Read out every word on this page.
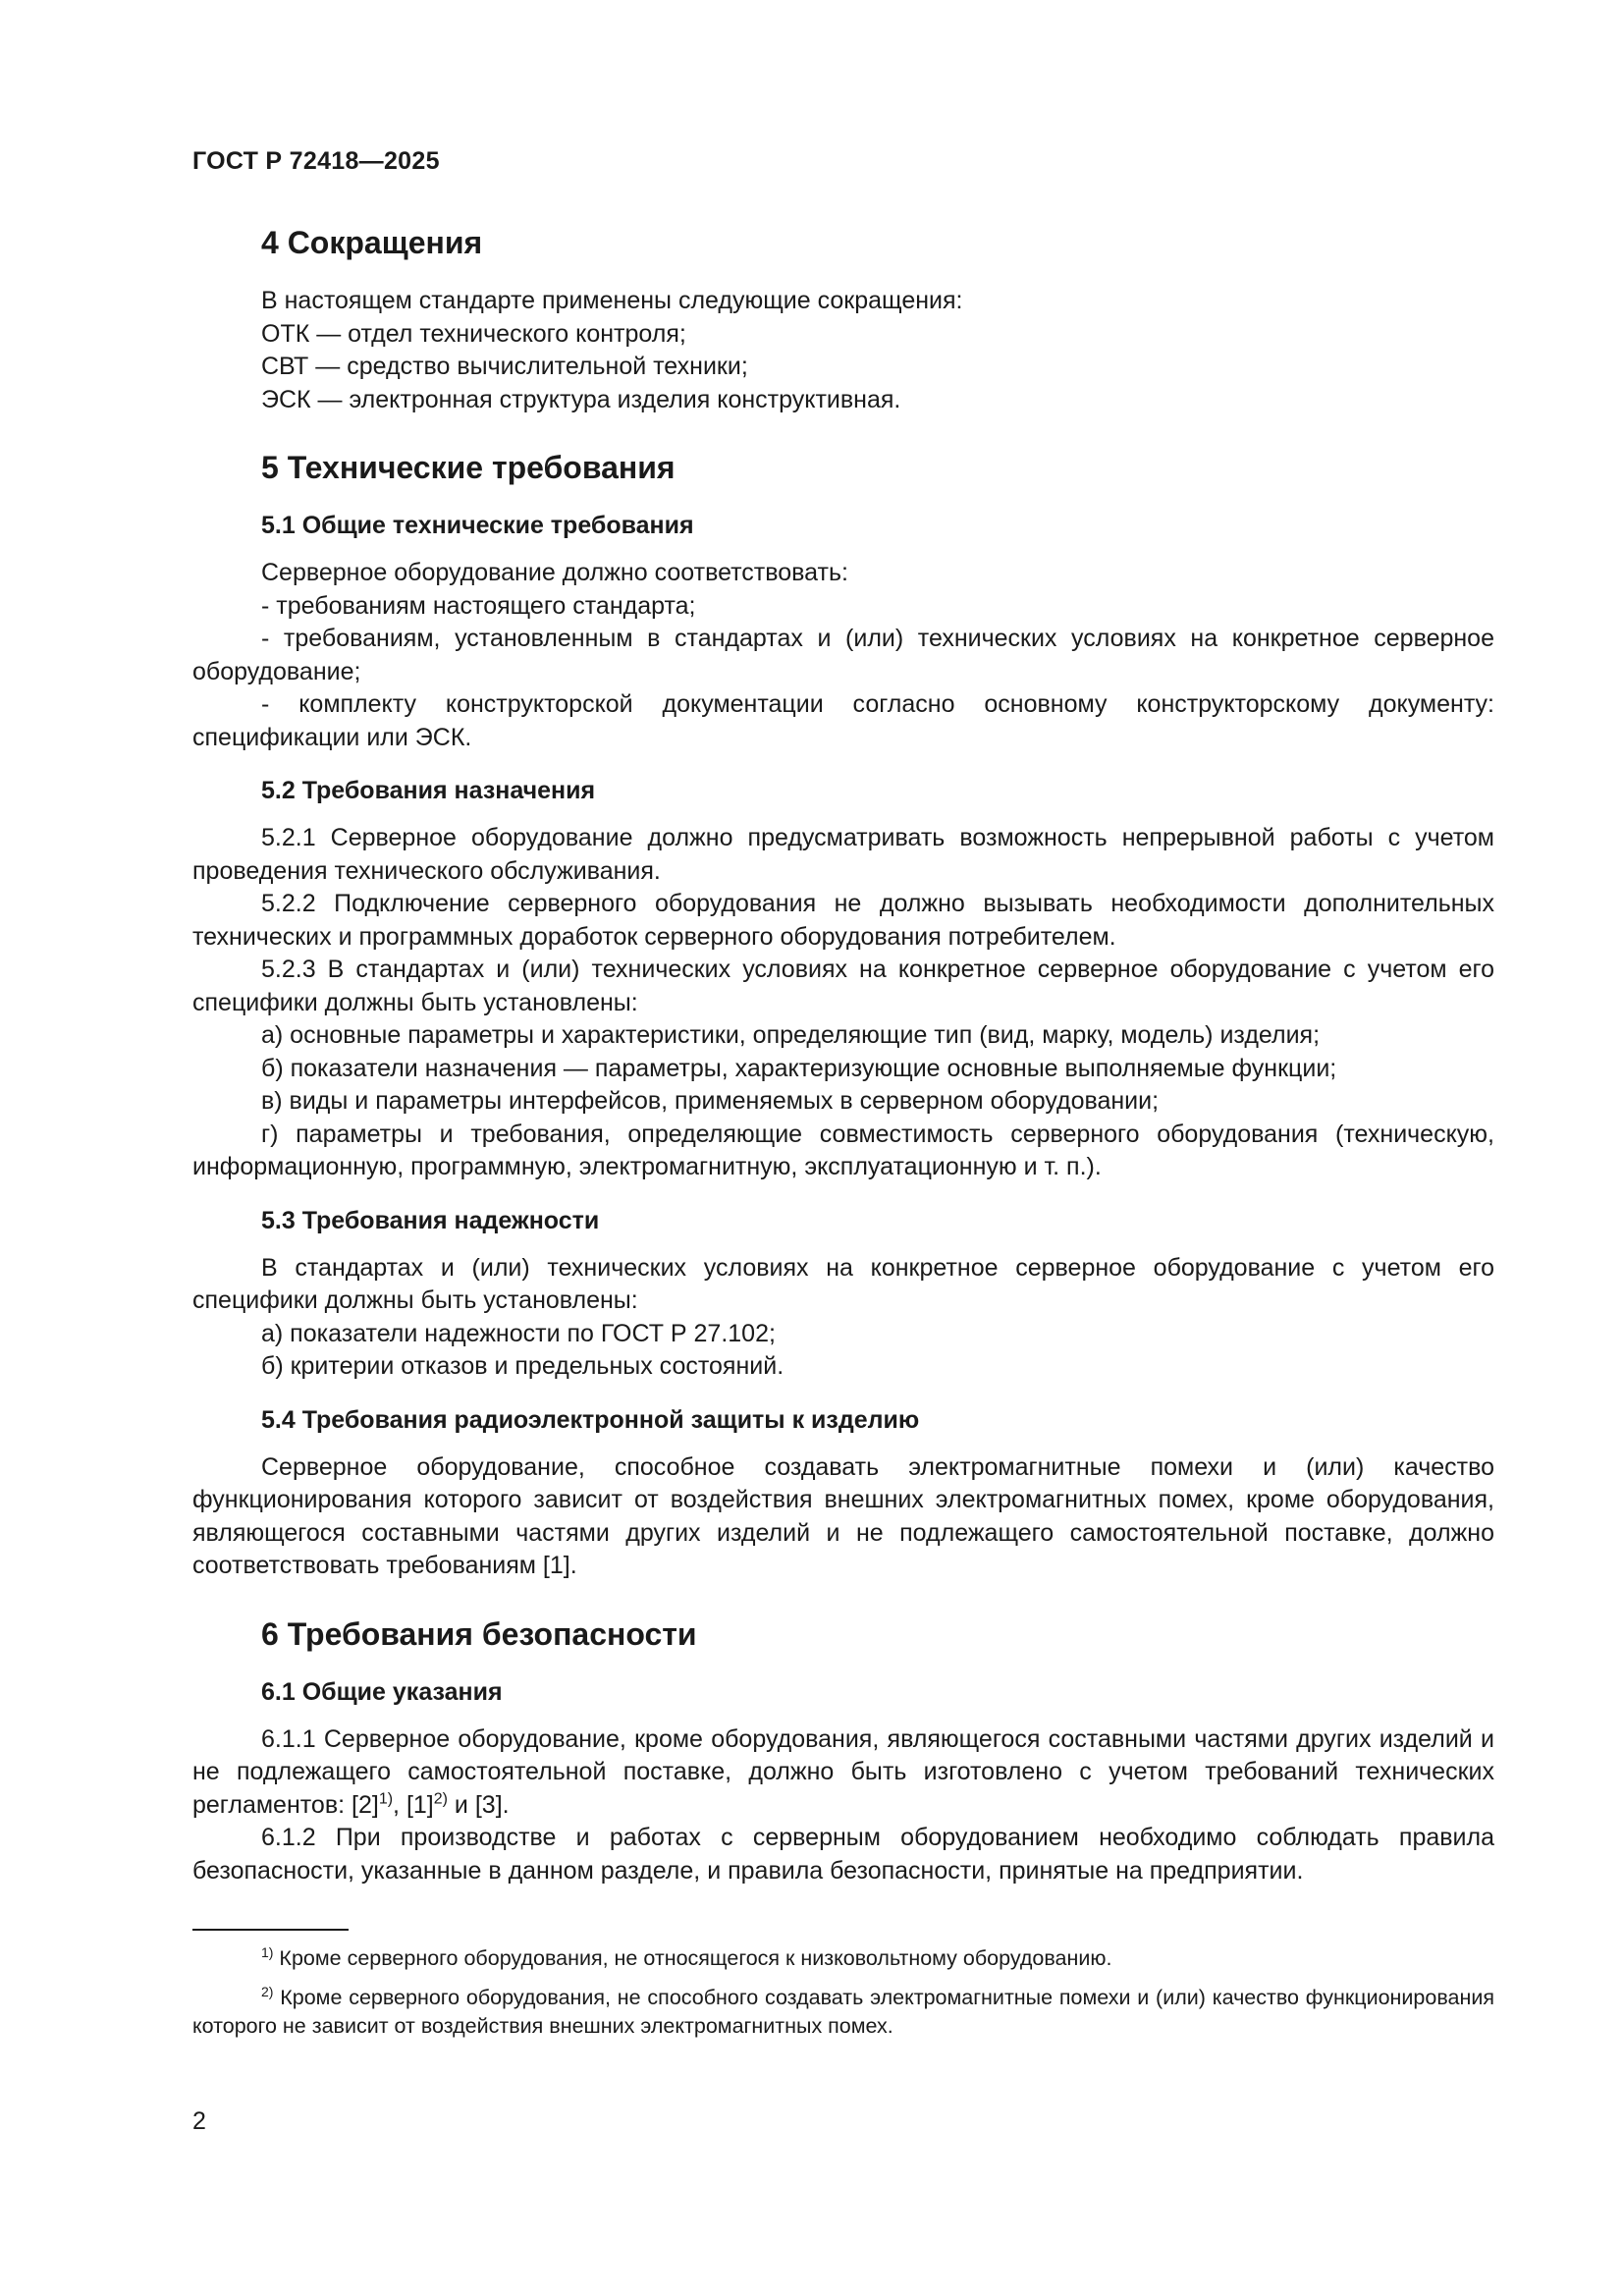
ГОСТ Р 72418—2025
4 Сокращения

В настоящем стандарте применены следующие сокращения:

ОТК — отдел технического контроля;

СВТ — средство вычислительной техники;

ЭСК — электронная структура изделия конструктивная.

5 Технические требования
5.1 Общие технические требования

Серверное оборудование должно соответствовать:

- требованиям настоящего стандарта;

- требованиям, установленным в стандартах и (или) технических условиях на конкретное серверное оборудование;

- комплекту конструкторской документации согласно основному конструкторскому документу: спецификации или ЭСК.

5.2 Требования назначения

5.2.1 Серверное оборудование должно предусматривать возможность непрерывной работы с учетом проведения технического обслуживания.

5.2.2 Подключение серверного оборудования не должно вызывать необходимости дополнительных технических и программных доработок серверного оборудования потребителем.

5.2.3 В стандартах и (или) технических условиях на конкретное серверное оборудование с учетом его специфики должны быть установлены:

а) основные параметры и характеристики, определяющие тип (вид, марку, модель) изделия;

б) показатели назначения — параметры, характеризующие основные выполняемые функции;

в) виды и параметры интерфейсов, применяемых в серверном оборудовании;

г) параметры и требования, определяющие совместимость серверного оборудования (техническую, информационную, программную, электромагнитную, эксплуатационную и т. п.).

5.3 Требования надежности

В стандартах и (или) технических условиях на конкретное серверное оборудование с учетом его специфики должны быть установлены:

а) показатели надежности по ГОСТ Р 27.102;

б) критерии отказов и предельных состояний.

5.4 Требования радиоэлектронной защиты к изделию

Серверное оборудование, способное создавать электромагнитные помехи и (или) качество функционирования которого зависит от воздействия внешних электромагнитных помех, кроме оборудования, являющегося составными частями других изделий и не подлежащего самостоятельной поставке, должно соответствовать требованиям [1].

6 Требования безопасности
6.1 Общие указания

6.1.1 Серверное оборудование, кроме оборудования, являющегося составными частями других изделий и не подлежащего самостоятельной поставке, должно быть изготовлено с учетом требований технических регламентов: $[2]^{1)}$, $[1]^{2)}$ и [3].

6.1.2 При производстве и работах с серверным оборудованием необходимо соблюдать правила безопасности, указанные в данном разделе, и правила безопасности, принятые на предприятии.

$^{1)}$ Кроме серверного оборудования, не относящегося к низковольтному оборудованию.

$^{2)}$ Кроме серверного оборудования, не способного создавать электромагнитные помехи и (или) качество функционирования которого не зависит от воздействия внешних электромагнитных помех.

2
